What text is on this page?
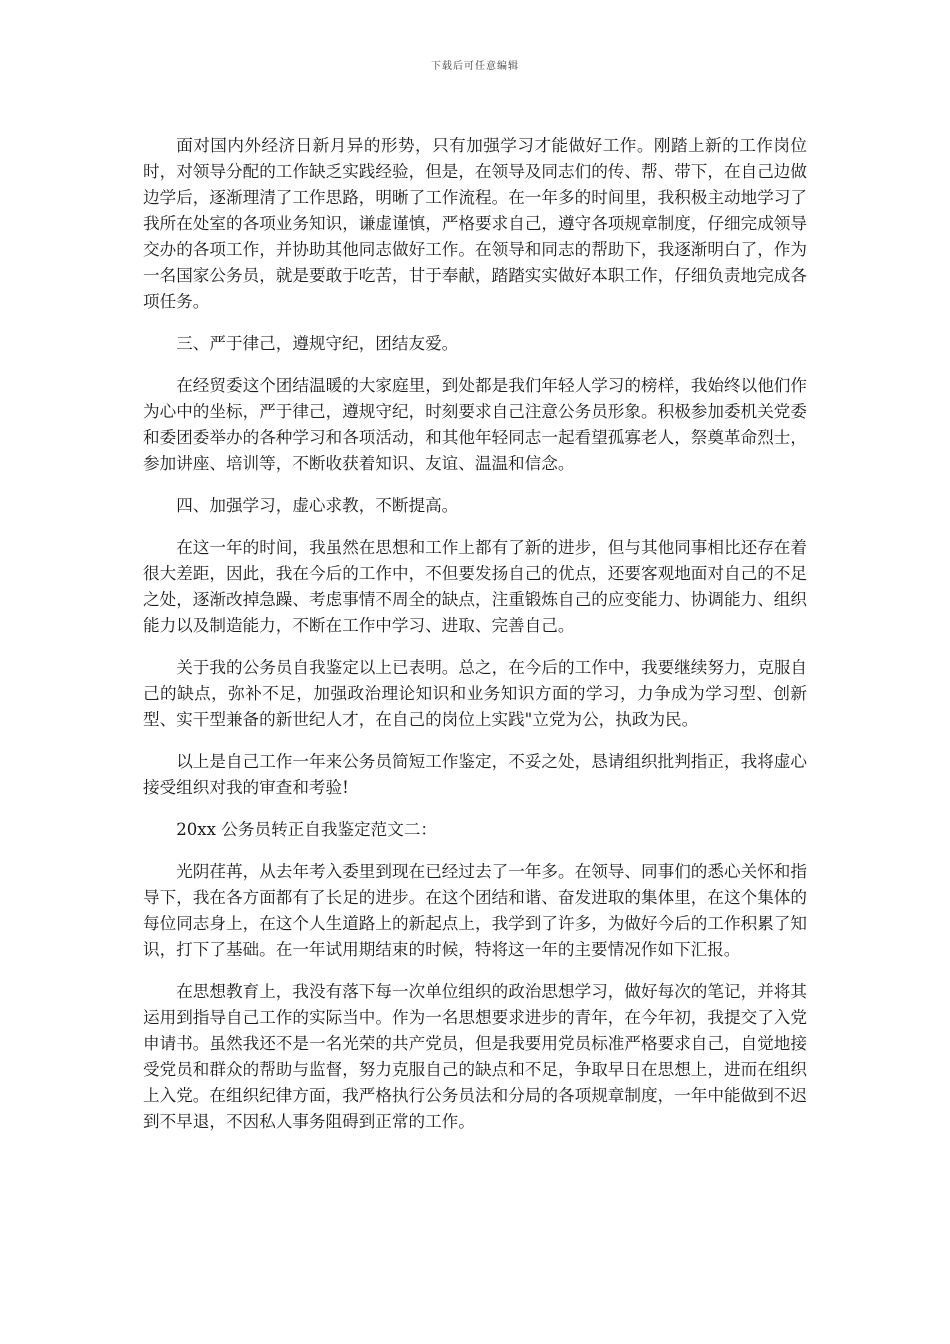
下载后可任意编辑

面对国内外经济日新月异的形势，只有加强学习才能做好工作。刚踏上新的工作岗位时，对领导分配的工作缺乏实践经验，但是，在领导及同志们的传、帮、带下，在自己边做边学后，逐渐理清了工作思路，明晰了工作流程。在一年多的时间里，我积极主动地学习了我所在处室的各项业务知识，谦虚谨慎，严格要求自己，遵守各项规章制度，仔细完成领导交办的各项工作，并协助其他同志做好工作。在领导和同志的帮助下，我逐渐明白了，作为一名国家公务员，就是要敢于吃苦，甘于奉献，踏踏实实做好本职工作，仔细负责地完成各项任务。

三、严于律己，遵规守纪，团结友爱。

在经贸委这个团结温暖的大家庭里，到处都是我们年轻人学习的榜样，我始终以他们作为心中的坐标，严于律己，遵规守纪，时刻要求自己注意公务员形象。积极参加委机关党委和委团委举办的各种学习和各项活动，和其他年轻同志一起看望孤寡老人，祭奠革命烈士，参加讲座、培训等，不断收获着知识、友谊、温温和信念。

四、加强学习，虚心求教，不断提高。

在这一年的时间，我虽然在思想和工作上都有了新的进步，但与其他同事相比还存在着很大差距，因此，我在今后的工作中，不但要发扬自己的优点，还要客观地面对自己的不足之处，逐渐改掉急躁、考虑事情不周全的缺点，注重锻炼自己的应变能力、协调能力、组织能力以及制造能力，不断在工作中学习、进取、完善自己。

关于我的公务员自我鉴定以上已表明。总之，在今后的工作中，我要继续努力，克服自己的缺点，弥补不足，加强政治理论知识和业务知识方面的学习，力争成为学习型、创新型、实干型兼备的新世纪人才，在自己的岗位上实践"立党为公，执政为民。

以上是自己工作一年来公务员简短工作鉴定，不妥之处，恳请组织批判指正，我将虚心接受组织对我的审查和考验!

20xx 公务员转正自我鉴定范文二：

光阴荏苒，从去年考入委里到现在已经过去了一年多。在领导、同事们的悉心关怀和指导下，我在各方面都有了长足的进步。在这个团结和谐、奋发进取的集体里，在这个集体的每位同志身上，在这个人生道路上的新起点上，我学到了许多，为做好今后的工作积累了知识，打下了基础。在一年试用期结束的时候，特将这一年的主要情况作如下汇报。

在思想教育上，我没有落下每一次单位组织的政治思想学习，做好每次的笔记，并将其运用到指导自己工作的实际当中。作为一名思想要求进步的青年，在今年初，我提交了入党申请书。虽然我还不是一名光荣的共产党员，但是我要用党员标准严格要求自己，自觉地接受党员和群众的帮助与监督，努力克服自己的缺点和不足，争取早日在思想上，进而在组织上入党。在组织纪律方面，我严格执行公务员法和分局的各项规章制度，一年中能做到不迟到不早退，不因私人事务阻碍到正常的工作。
